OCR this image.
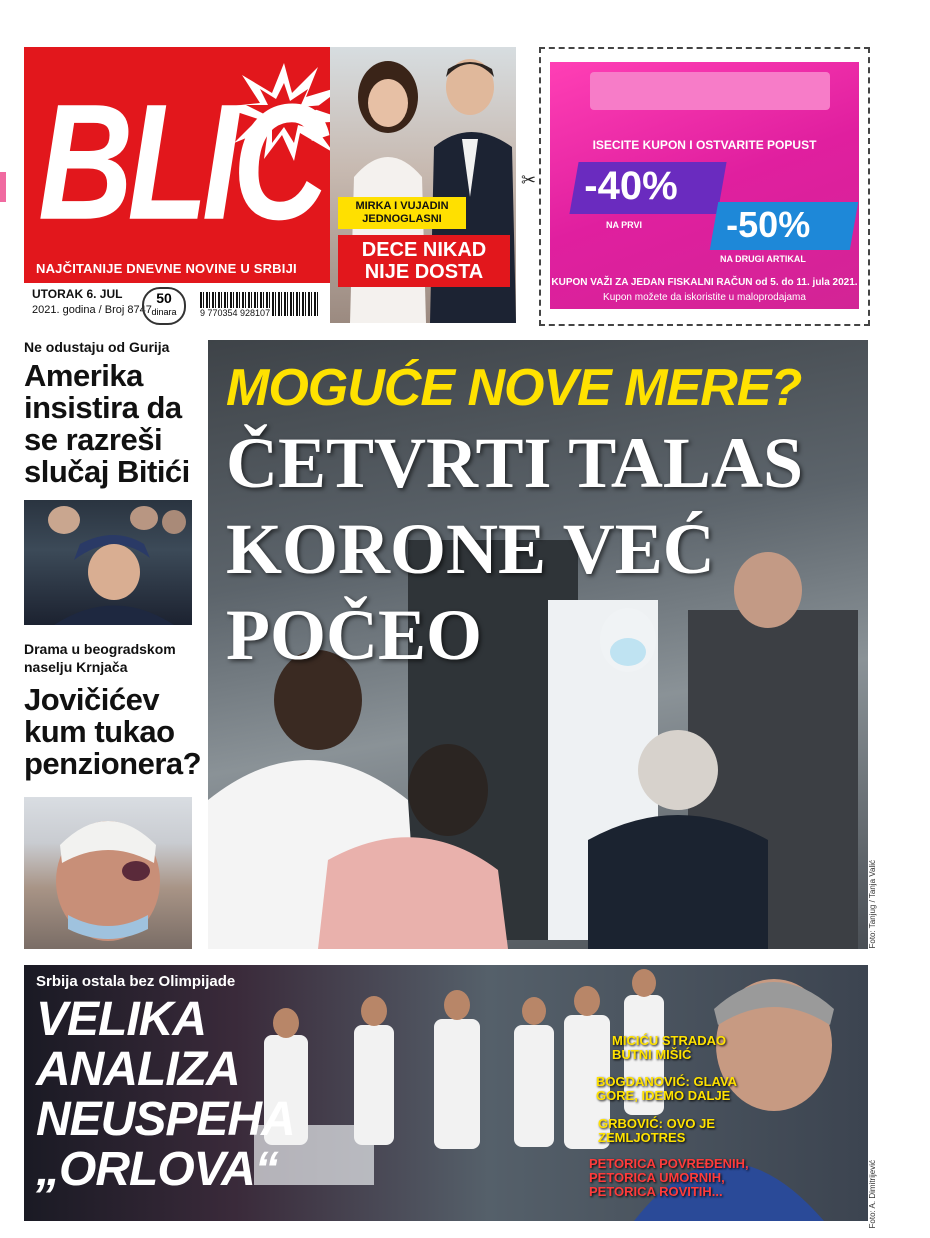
BLIC
NAJČITANIJE DNEVNE NOVINE U SRBIJI
MIRKA I VUJADIN JEDNOGLASNI
DECE NIKAD NIJE DOSTA
UTORAK 6. JUL
2021. godina / Broj 8747
50
dinara	9 770354 928107
✂
ISECITE KUPON I OSTVARITE POPUST
-40%
NA PRVI -50%
NA DRUGI ARTIKAL
KUPON VAŽI ZA JEDAN FISKALNI RAČUN od 5. do 11. jula 2021.
Kupon možete da iskoristite u maloprodajama
Ne odustaju od Gurija
Amerika insistira da se razreši slučaj Bitići
Drama u beogradskom naselju Krnjača
Jovičićev kum tukao penzionera?
MOGUĆE NOVE MERE?
ČETVRTI TALAS KORONE VEĆ POČEO
Foto: Tanjug / Tanja Valić
Srbija ostala bez Olimpijade
VELIKA ANALIZA NEUSPEHA „ORLOVA“
MICIĆU STRADAO BUTNI MIŠIĆ
BOGDANOVIĆ: GLAVA GORE, IDEMO DALJE
GRBOVIĆ: OVO JE ZEMLJOTRES
PETORICA POVREĐENIH, PETORICA UMORNIH, PETORICA ROVITIH...	Foto: A. Dimitrijević
